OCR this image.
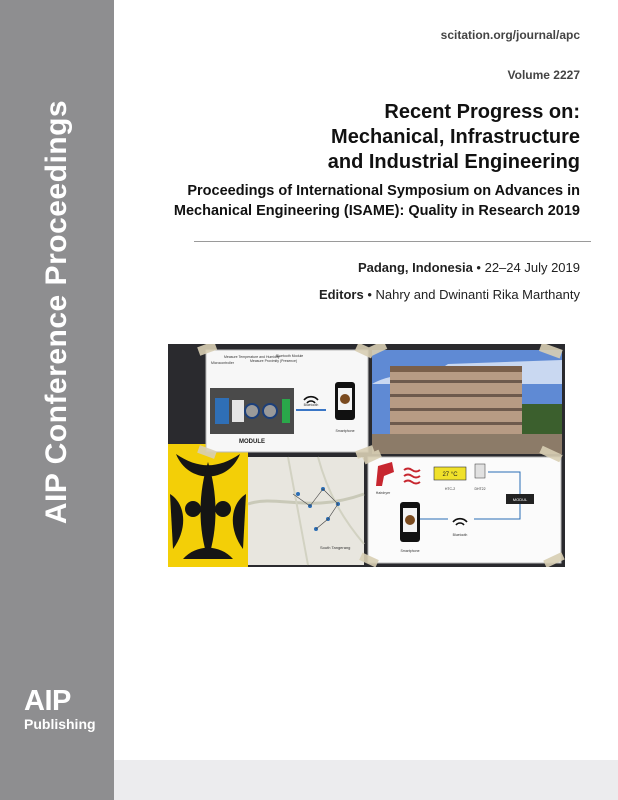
AIP Conference Proceedings
AIP
Publishing
scitation.org/journal/apc
Volume 2227
Recent Progress on:
Mechanical, Infrastructure
and Industrial Engineering
Proceedings of International Symposium on Advances in
Mechanical Engineering (ISAME): Quality in Research 2019
Padang, Indonesia • 22–24 July 2019
Editors • Nahry and Dwinanti Rika Marthanty
Microcontroller
Measure Temperature and Humidity
Measure Proximity (Presence)
Bluetooth Module
MODULE
Bluetooth
Smartphone
South Tangerang
Hairdryer
27 °C
HTC-2	DHT22
MODUL
Smartphone
Bluetooth
